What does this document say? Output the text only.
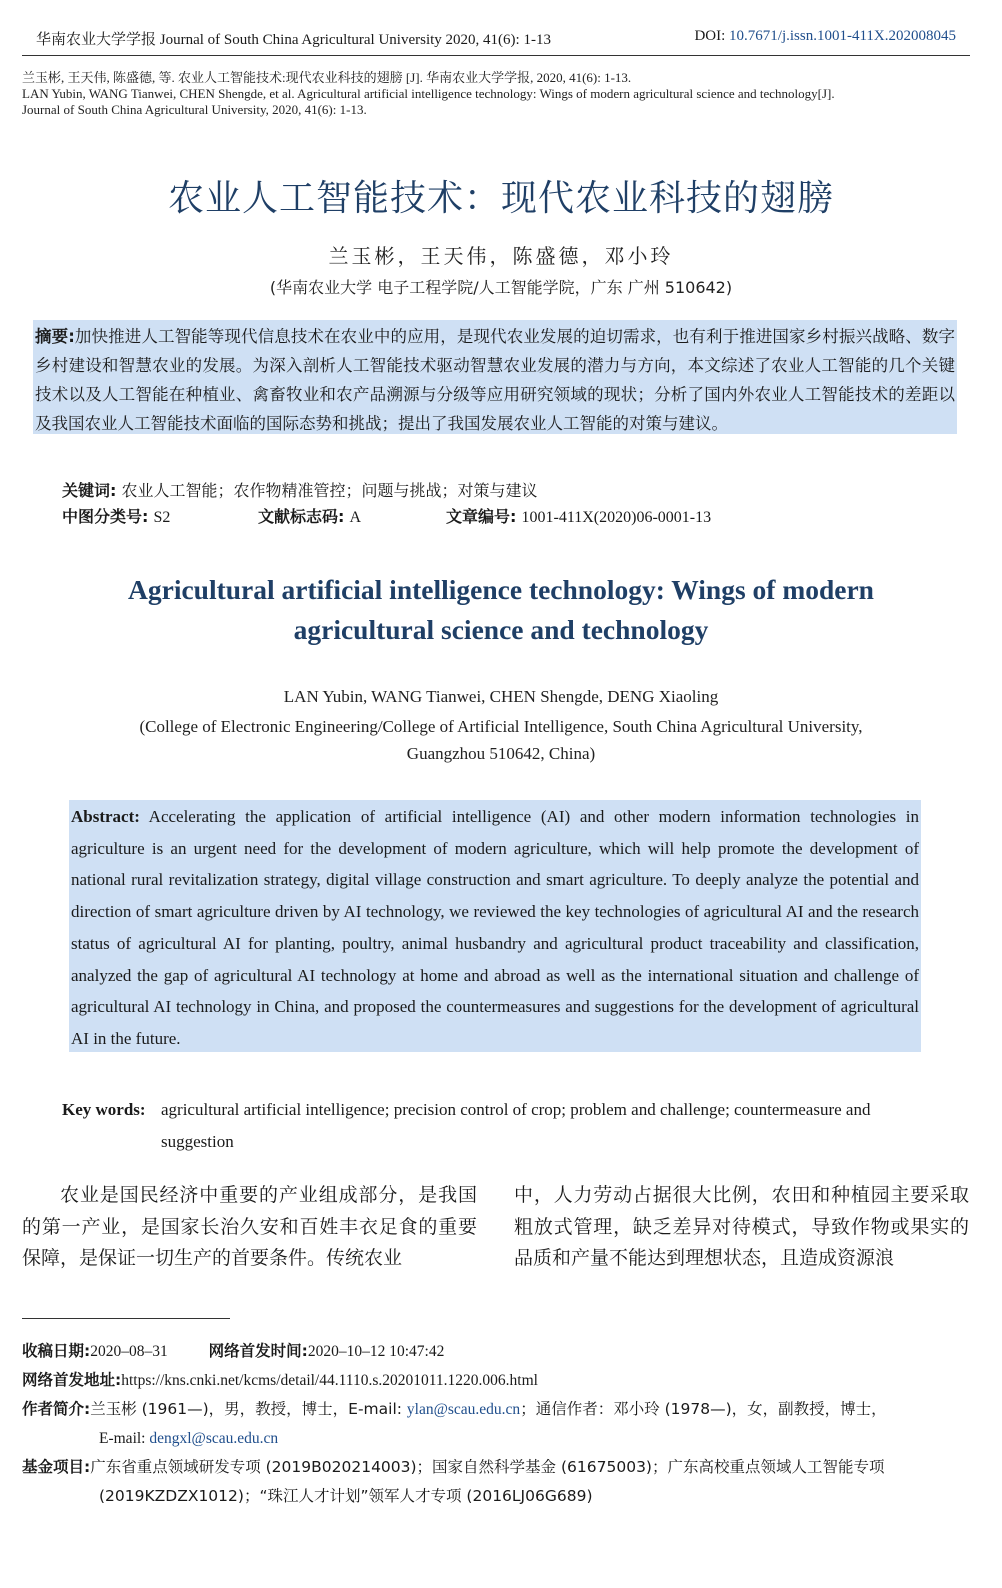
华南农业大学学报 Journal of South China Agricultural University 2020, 41(6): 1-13	DOI: 10.7671/j.issn.1001-411X.202008045
兰玉彬, 王天伟, 陈盛德, 等. 农业人工智能技术:现代农业科技的翅膀 [J]. 华南农业大学学报, 2020, 41(6): 1-13.
LAN Yubin, WANG Tianwei, CHEN Shengde, et al. Agricultural artificial intelligence technology: Wings of modern agricultural science and technology[J].
Journal of South China Agricultural University, 2020, 41(6): 1-13.
农业人工智能技术：现代农业科技的翅膀
兰玉彬，王天伟，陈盛德，邓小玲
(华南农业大学 电子工程学院/人工智能学院，广东 广州 510642)

摘要:加快推进人工智能等现代信息技术在农业中的应用，是现代农业发展的迫切需求，也有利于推进国家乡村振兴战略、数字乡村建设和智慧农业的发展。为深入剖析人工智能技术驱动智慧农业发展的潜力与方向，本文综述了农业人工智能的几个关键技术以及人工智能在种植业、禽畜牧业和农产品溯源与分级等应用研究领域的现状；分析了国内外农业人工智能技术的差距以及我国农业人工智能技术面临的国际态势和挑战；提出了我国发展农业人工智能的对策与建议。

关键词: 农业人工智能；农作物精准管控；问题与挑战；对策与建议
中图分类号: S2	文献标志码: A	文章编号: 1001-411X(2020)06-0001-13
Agricultural artificial intelligence technology: Wings of modern
agricultural science and technology
LAN Yubin, WANG Tianwei, CHEN Shengde, DENG Xiaoling
(College of Electronic Engineering/College of Artificial Intelligence, South China Agricultural University, Guangzhou 510642, China)

Abstract: Accelerating the application of artificial intelligence (AI) and other modern information technologies in agriculture is an urgent need for the development of modern agriculture, which will help promote the development of national rural revitalization strategy, digital village construction and smart agriculture. To deeply analyze the potential and direction of smart agriculture driven by AI technology, we reviewed the key technologies of agricultural AI and the research status of agricultural AI for planting, poultry, animal husbandry and agricultural product traceability and classification, analyzed the gap of agricultural AI technology at home and abroad as well as the international situation and challenge of agricultural AI technology in China, and proposed the countermeasures and suggestions for the development of agricultural AI in the future.

Key words: agricultural artificial intelligence; precision control of crop; problem and challenge; countermeasure and suggestion

农业是国民经济中重要的产业组成部分，是我国的第一产业，是国家长治久安和百姓丰衣足食的重要保障，是保证一切生产的首要条件。传统农业

中，人力劳动占据很大比例，农田和种植园主要采取粗放式管理，缺乏差异对待模式，导致作物或果实的品质和产量不能达到理想状态，且造成资源浪

收稿日期:2020–08–31	网络首发时间:2020–10–12 10:47:42
网络首发地址:https://kns.cnki.net/kcms/detail/44.1110.s.20201011.1220.006.html
作者简介:兰玉彬 (1961—)，男，教授，博士，E-mail: ylan@scau.edu.cn；通信作者：邓小玲 (1978—)，女，副教授，博士，
E-mail: dengxl@scau.edu.cn
基金项目:广东省重点领域研发专项 (2019B020214003)；国家自然科学基金 (61675003)；广东高校重点领域人工智能专项
(2019KZDZX1012)；“珠江人才计划”领军人才专项 (2016LJ06G689)
